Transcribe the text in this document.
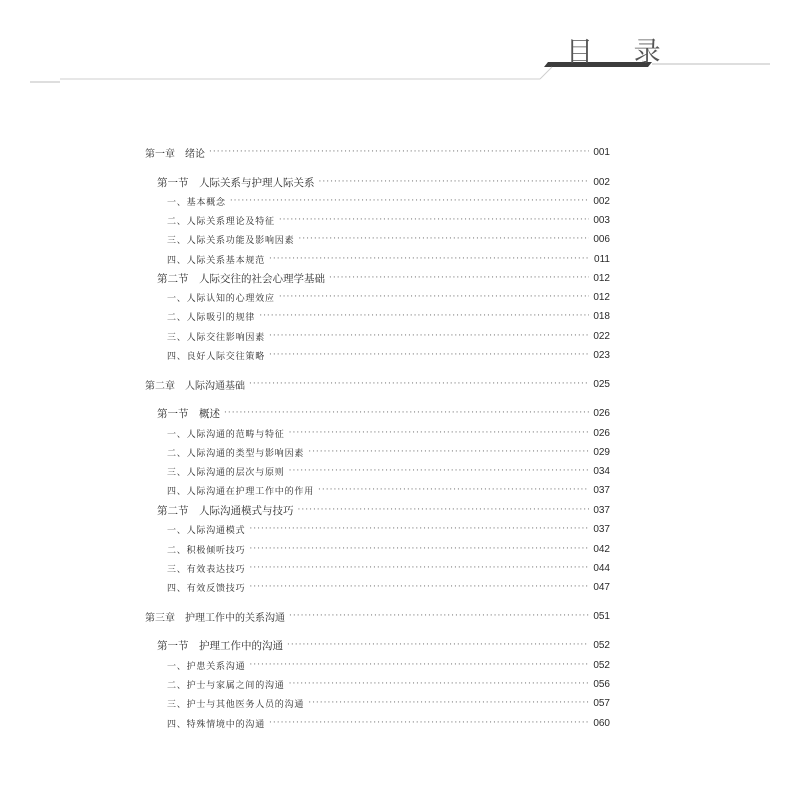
目 录
第一章　绪论 ·····	001
第一节　人际关系与护理人际关系 ·····	002
一、基本概念 ·····	002
二、人际关系理论及特征 ·····	003
三、人际关系功能及影响因素 ·····	006
四、人际关系基本规范 ·····	011
第二节　人际交往的社会心理学基础 ·····	012
一、人际认知的心理效应 ·····	012
二、人际吸引的规律 ·····	018
三、人际交往影响因素 ·····	022
四、良好人际交往策略 ·····	023
第二章　人际沟通基础 ·····	025
第一节　概述 ·····	026
一、人际沟通的范畴与特征 ·····	026
二、人际沟通的类型与影响因素 ·····	029
三、人际沟通的层次与原则 ·····	034
四、人际沟通在护理工作中的作用 ·····	037
第二节　人际沟通模式与技巧 ·····	037
一、人际沟通模式 ·····	037
二、积极倾听技巧 ·····	042
三、有效表达技巧 ·····	044
四、有效反馈技巧 ·····	047
第三章　护理工作中的关系沟通 ·····	051
第一节　护理工作中的沟通 ·····	052
一、护患关系沟通 ·····	052
二、护士与家属之间的沟通 ·····	056
三、护士与其他医务人员的沟通 ·····	057
四、特殊情境中的沟通 ·····	060
